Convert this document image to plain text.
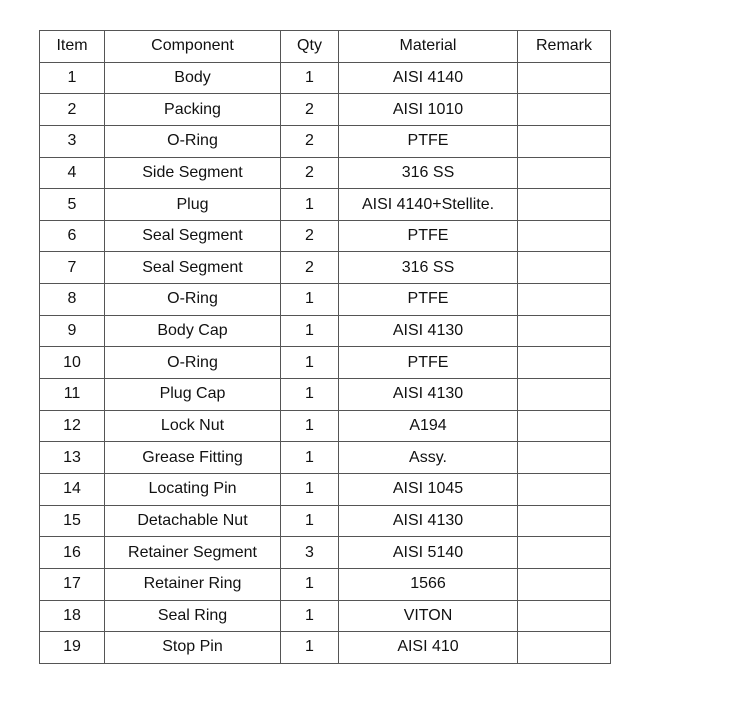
Item	Component	Qty	Material	Remark
1	Body	1	AISI 4140	
2	Packing	2	AISI 1010	
3	O-Ring	2	PTFE	
4	Side Segment	2	316 SS	
5	Plug	1	AISI 4140+Stellite.	
6	Seal Segment	2	PTFE	
7	Seal Segment	2	316 SS	
8	O-Ring	1	PTFE	
9	Body Cap	1	AISI 4130	
10	O-Ring	1	PTFE	
11	Plug Cap	1	AISI 4130	
12	Lock Nut	1	A194	
13	Grease Fitting	1	Assy.	
14	Locating Pin	1	AISI 1045	
15	Detachable Nut	1	AISI 4130	
16	Retainer Segment	3	AISI 5140	
17	Retainer Ring	1	1566	
18	Seal Ring	1	VITON	
19	Stop Pin	1	AISI 410	
